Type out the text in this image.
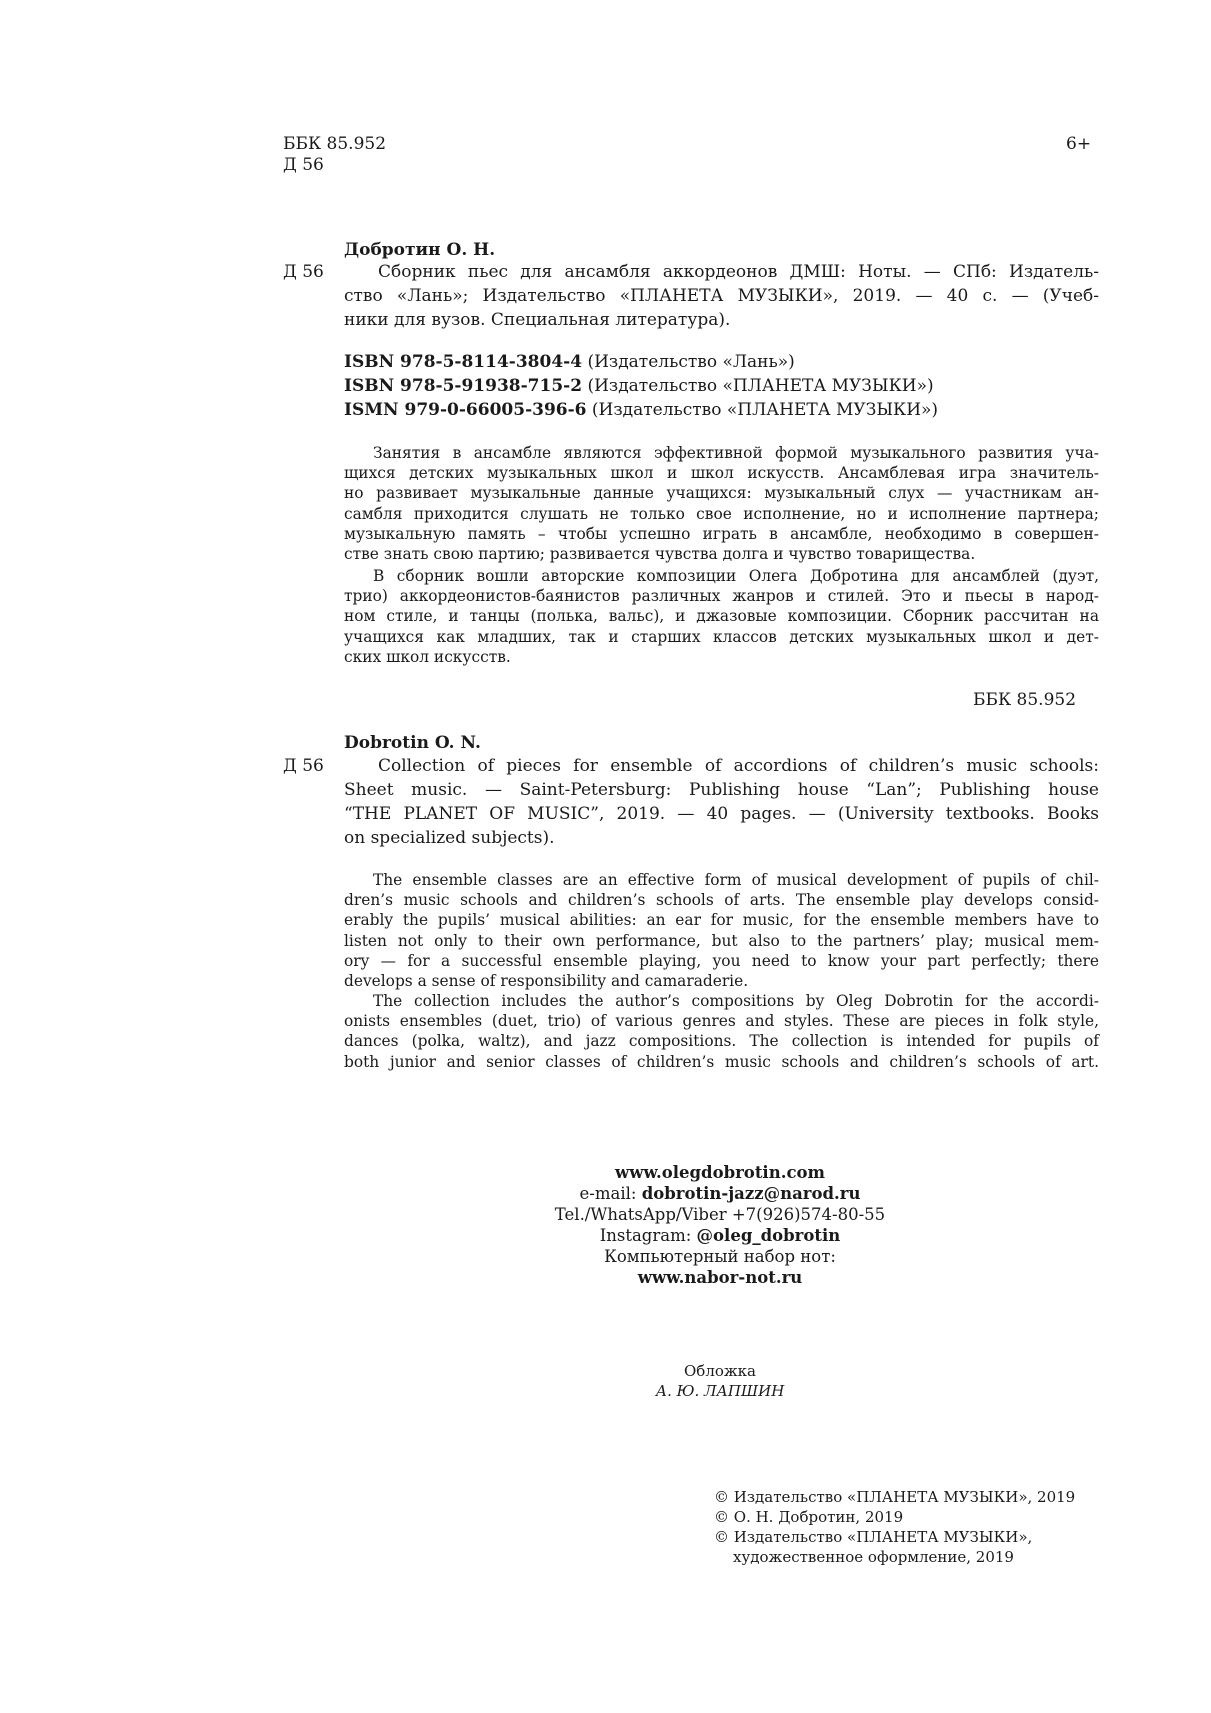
ББК 85.952
Д 56
6+
Добротин О. Н.
Д 56	Сборник пьес для ансамбля аккордеонов ДМШ: Ноты. — СПб: Издатель-
ство «Лань»; Издательство «ПЛАНЕТА МУЗЫКИ», 2019. — 40 с. — (Учеб-
ники для вузов. Специальная литература).
ISBN 978-5-8114-3804-4 (Издательство «Лань»)
ISBN 978-5-91938-715-2 (Издательство «ПЛАНЕТА МУЗЫКИ»)
ISMN 979-0-66005-396-6 (Издательство «ПЛАНЕТА МУЗЫКИ»)
Занятия в ансамбле являются эффективной формой музыкального развития уча-
щихся детских музыкальных школ и школ искусств. Ансамблевая игра значитель-
но развивает музыкальные данные учащихся: музыкальный слух — участникам ан-
самбля приходится слушать не только свое исполнение, но и исполнение партнера;
музыкальную память – чтобы успешно играть в ансамбле, необходимо в совершен-
стве знать свою партию; развивается чувства долга и чувство товарищества.
В сборник вошли авторские композиции Олега Добротина для ансамблей (дуэт,
трио) аккордеонистов-баянистов различных жанров и стилей. Это и пьесы в народ-
ном стиле, и танцы (полька, вальс), и джазовые композиции. Сборник рассчитан на
учащихся как младших, так и старших классов детских музыкальных школ и дет-
ских школ искусств.
ББК 85.952
Dobrotin O. N.
Д 56	Collection of pieces for ensemble of accordions of children’s music schools:
Sheet music. — Saint-Petersburg: Publishing house “Lan”; Publishing house
“THE PLANET OF MUSIC”, 2019. — 40 pages. — (University textbooks. Books
on specialized subjects).
The ensemble classes are an effective form of musical development of pupils of chil-
dren’s music schools and children’s schools of arts. The ensemble play develops consid-
erably the pupils’ musical abilities: an ear for music, for the ensemble members have to
listen not only to their own performance, but also to the partners’ play; musical mem-
ory — for a successful ensemble playing, you need to know your part perfectly; there
develops a sense of responsibility and camaraderie.
The collection includes the author’s compositions by Oleg Dobrotin for the accordi-
onists ensembles (duet, trio) of various genres and styles. These are pieces in folk style,
dances (polka, waltz), and jazz compositions. The collection is intended for pupils of
both junior and senior classes of children’s music schools and children’s schools of art.
www.olegdobrotin.com
e-mail: dobrotin-jazz@narod.ru
Tel./WhatsApp/Viber +7(926)574-80-55
Instagram: @oleg_dobrotin
Компьютерный набор нот:
www.nabor-not.ru
Обложка
А. Ю. ЛАПШИН
© Издательство «ПЛАНЕТА МУЗЫКИ», 2019
© О. Н. Добротин, 2019
© Издательство «ПЛАНЕТА МУЗЫКИ»,
художественное оформление, 2019
